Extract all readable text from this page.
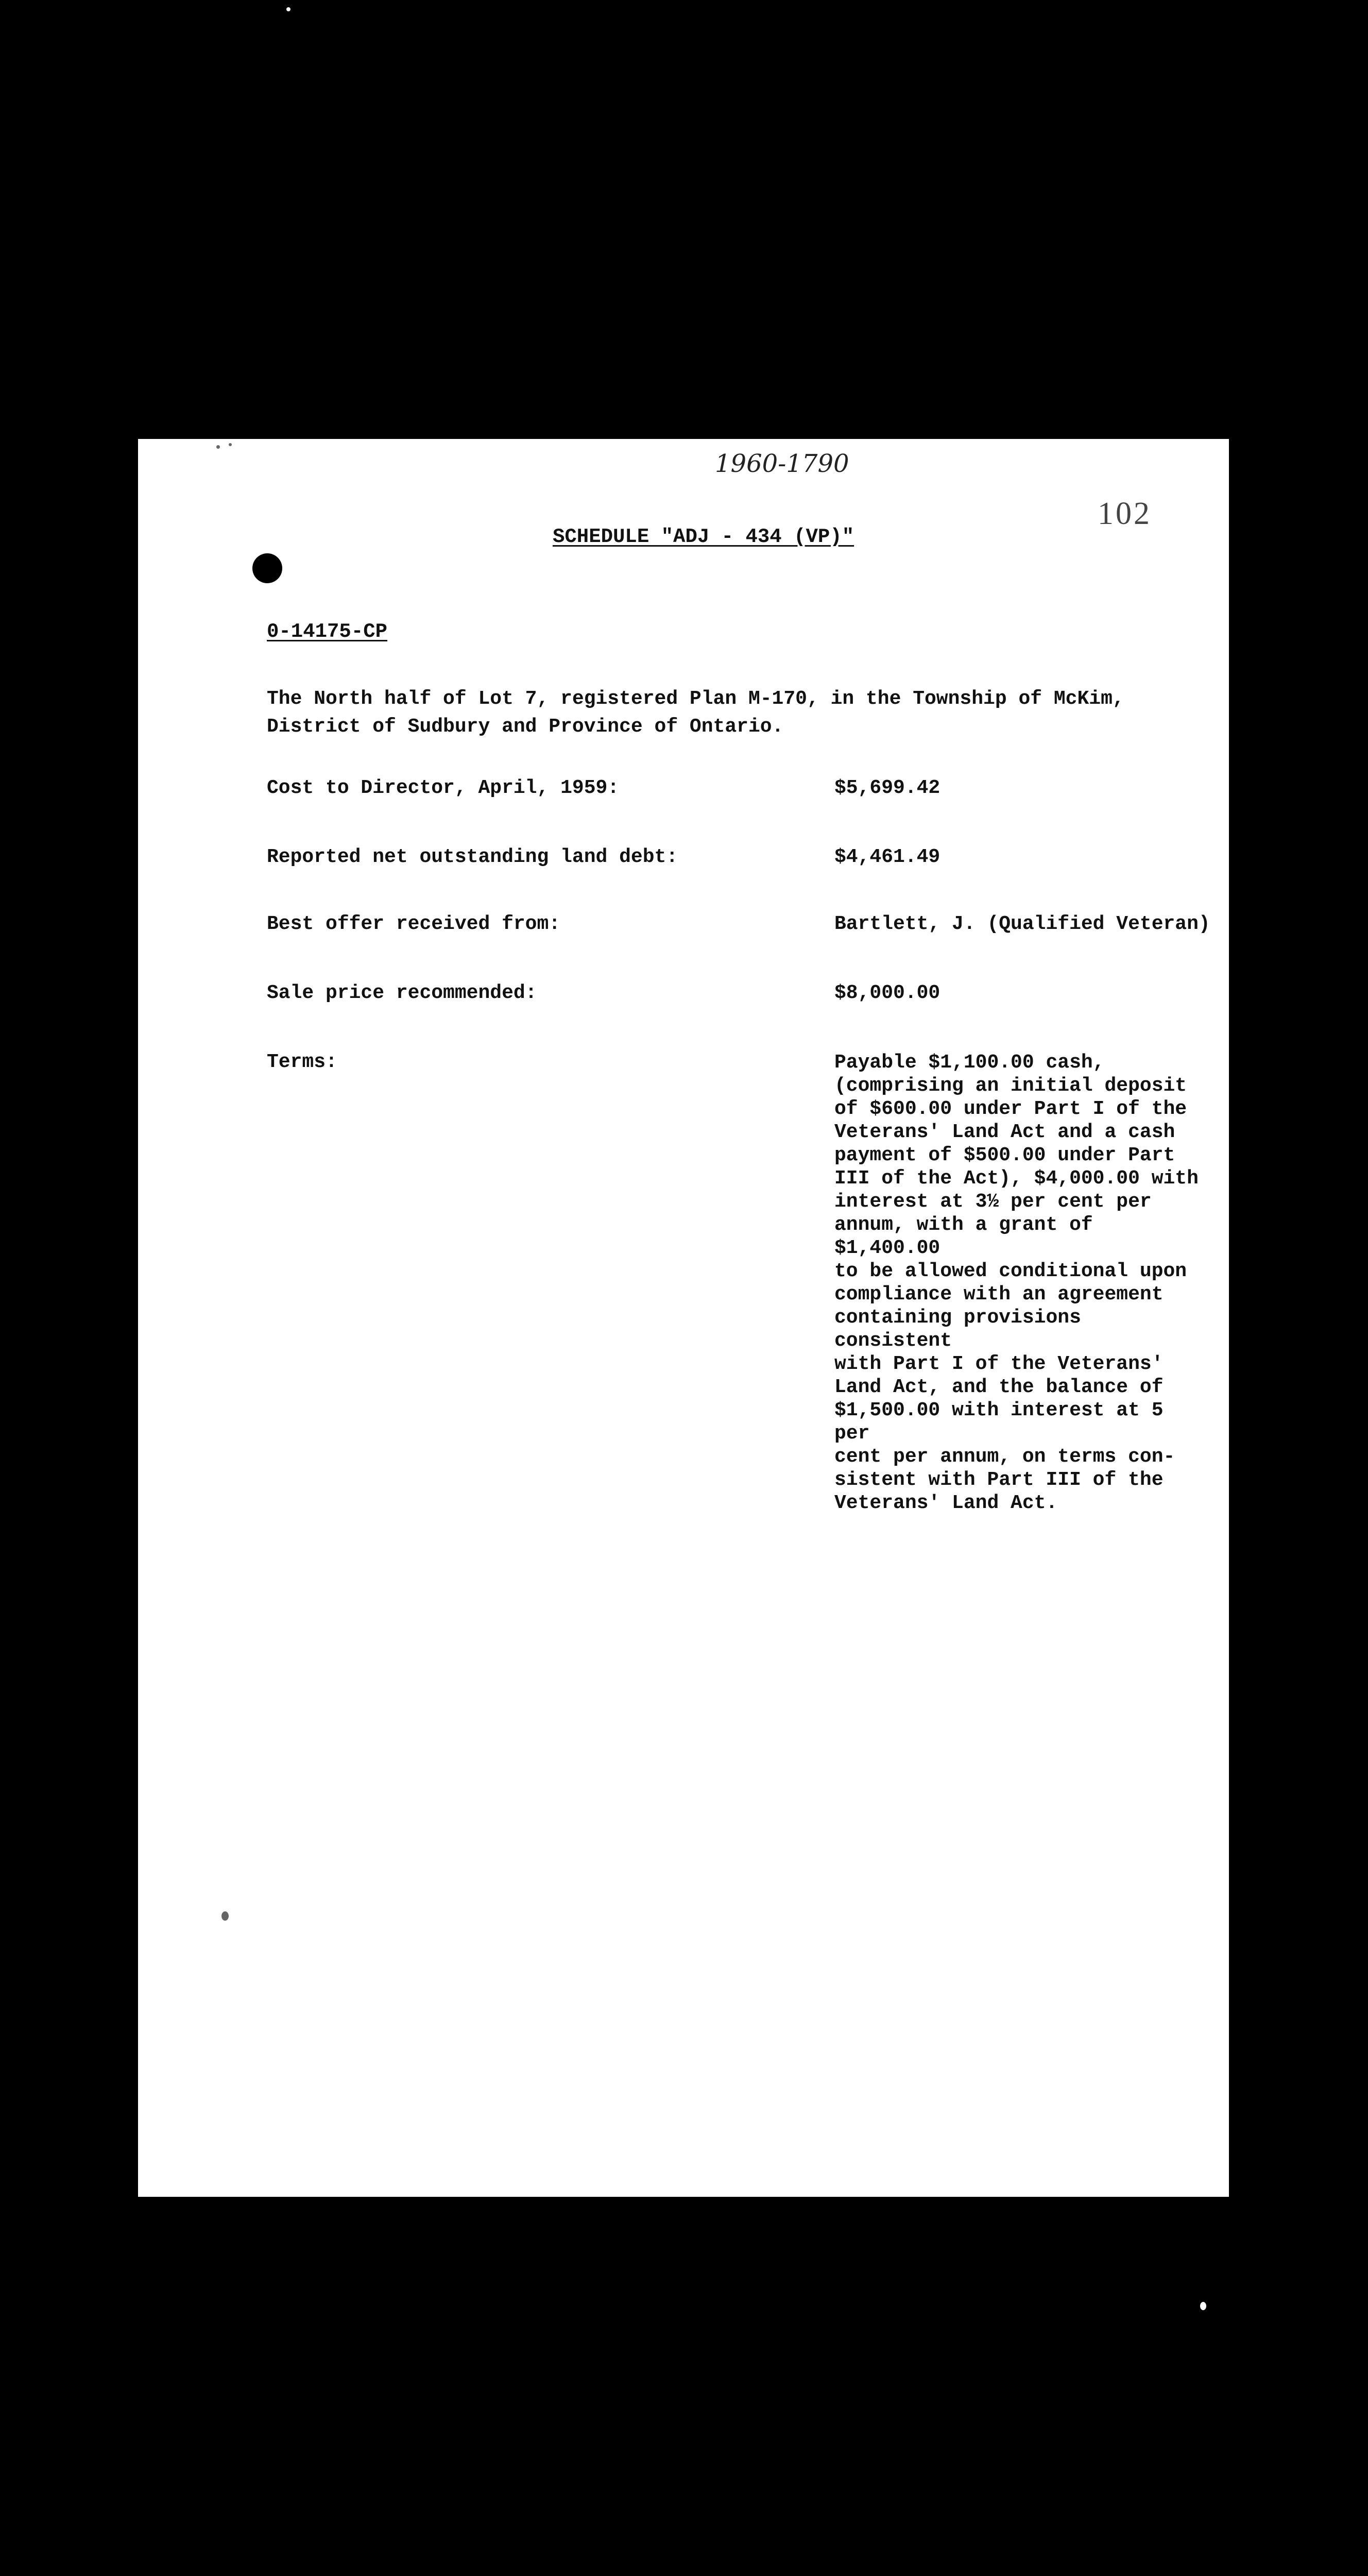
1960-1790
102
SCHEDULE "ADJ - 434 (VP)"
0-14175-CP
The North half of Lot 7, registered Plan M-170, in the Township of McKim,
District of Sudbury and Province of Ontario.
Cost to Director, April, 1959:	$5,699.42
Reported net outstanding land debt:	$4,461.49
Best offer received from:	Bartlett, J. (Qualified Veteran)
Sale price recommended:	$8,000.00
Terms:	Payable $1,100.00 cash,
(comprising an initial deposit
of $600.00 under Part I of the
Veterans' Land Act and a cash
payment of $500.00 under Part
III of the Act), $4,000.00 with
interest at 3½ per cent per
annum, with a grant of $1,400.00
to be allowed conditional upon
compliance with an agreement
containing provisions consistent
with Part I of the Veterans'
Land Act, and the balance of
$1,500.00 with interest at 5 per
cent per annum, on terms con-
sistent with Part III of the
Veterans' Land Act.
